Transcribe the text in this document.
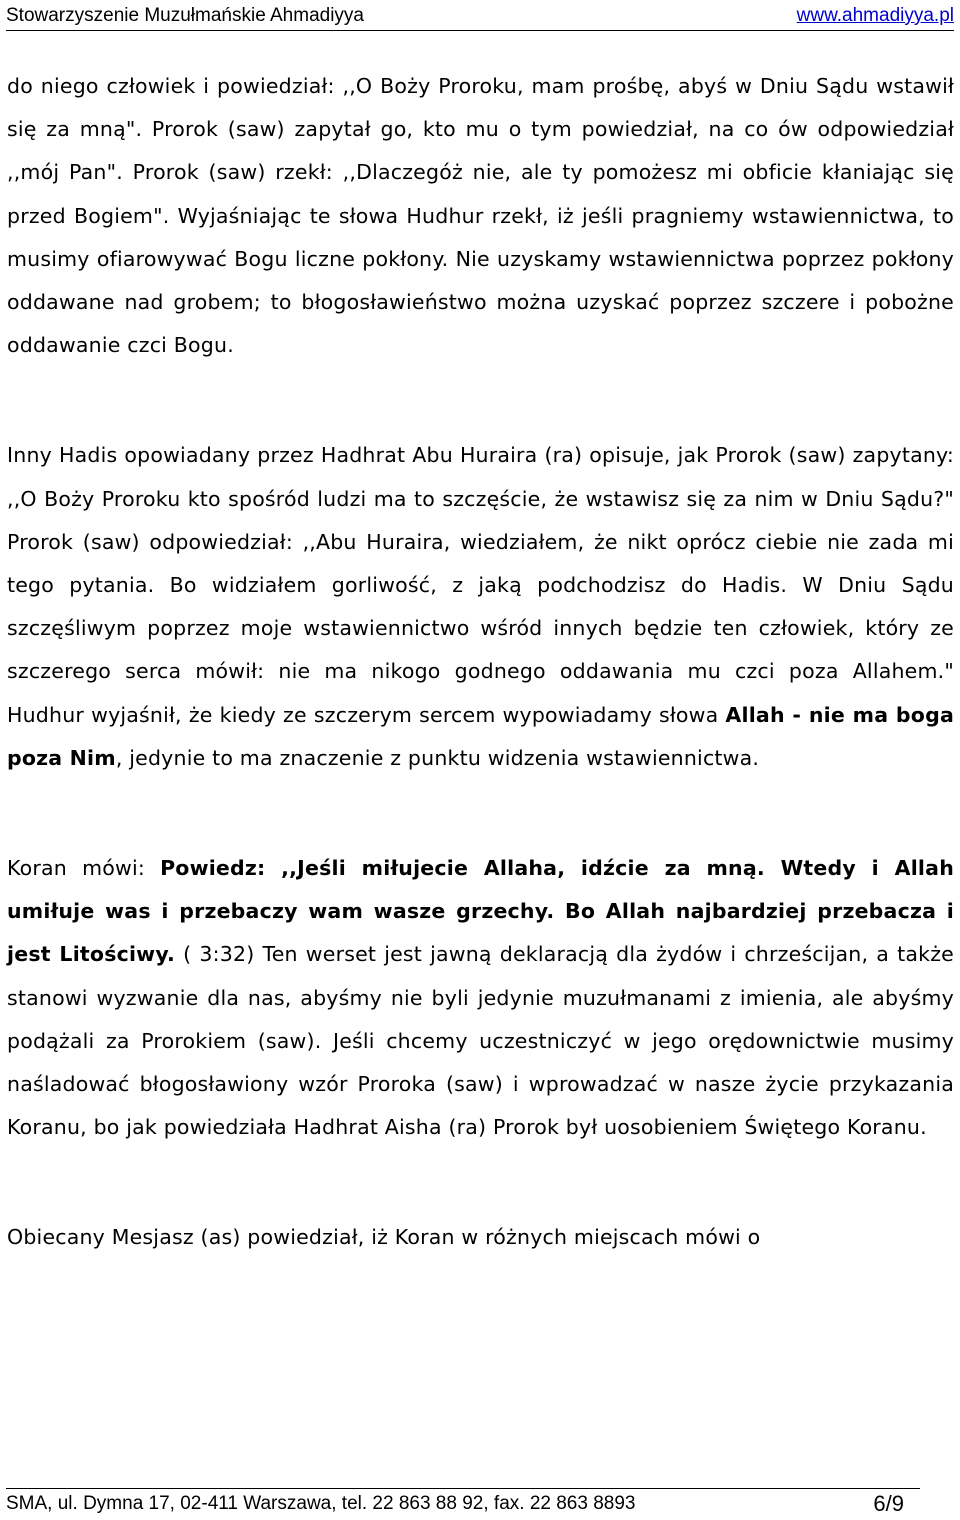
Stowarzyszenie Muzułmańskie Ahmadiyya	www.ahmadiyya.pl

do niego człowiek i powiedział: ,,O Boży Proroku, mam prośbę, abyś w Dniu Sądu wstawił się za mną". Prorok (saw) zapytał go, kto mu o tym powiedział, na co ów odpowiedział ,,mój Pan". Prorok (saw) rzekł: ,,Dlaczegóż nie, ale ty pomożesz mi obficie kłaniając się przed Bogiem". Wyjaśniając te słowa Hudhur rzekł, iż jeśli pragniemy wstawiennictwa, to musimy ofiarowywać Bogu liczne pokłony. Nie uzyskamy wstawiennictwa poprzez pokłony oddawane nad grobem; to błogosławieństwo można uzyskać poprzez szczere i pobożne oddawanie czci Bogu.

Inny Hadis opowiadany przez Hadhrat Abu Huraira (ra) opisuje, jak Prorok (saw) zapytany: ,,O Boży Proroku kto spośród ludzi ma to szczęście, że wstawisz się za nim w Dniu Sądu?" Prorok (saw) odpowiedział: ,,Abu Huraira, wiedziałem, że nikt oprócz ciebie nie zada mi tego pytania. Bo widziałem gorliwość, z jaką podchodzisz do Hadis. W Dniu Sądu szczęśliwym poprzez moje wstawiennictwo wśród innych będzie ten człowiek, który ze szczerego serca mówił: nie ma nikogo godnego oddawania mu czci poza Allahem." Hudhur wyjaśnił, że kiedy ze szczerym sercem wypowiadamy słowa Allah - nie ma boga poza Nim, jedynie to ma znaczenie z punktu widzenia wstawiennictwa.

Koran mówi: Powiedz: ,,Jeśli miłujecie Allaha, idźcie za mną. Wtedy i Allah umiłuje was i przebaczy wam wasze grzechy. Bo Allah najbardziej przebacza i jest Litościwy. ( 3:32) Ten werset jest jawną deklaracją dla żydów i chrześcijan, a także stanowi wyzwanie dla nas, abyśmy nie byli jedynie muzułmanami z imienia, ale abyśmy podążali za Prorokiem (saw). Jeśli chcemy uczestniczyć w jego orędownictwie musimy naśladować błogosławiony wzór Proroka (saw) i wprowadzać w nasze życie przykazania Koranu, bo jak powiedziała Hadhrat Aisha (ra) Prorok był uosobieniem Świętego Koranu.

Obiecany Mesjasz (as) powiedział, iż Koran w różnych miejscach mówi o

SMA, ul. Dymna 17, 02-411 Warszawa, tel. 22 863 88 92, fax. 22 863 8893	6/9
